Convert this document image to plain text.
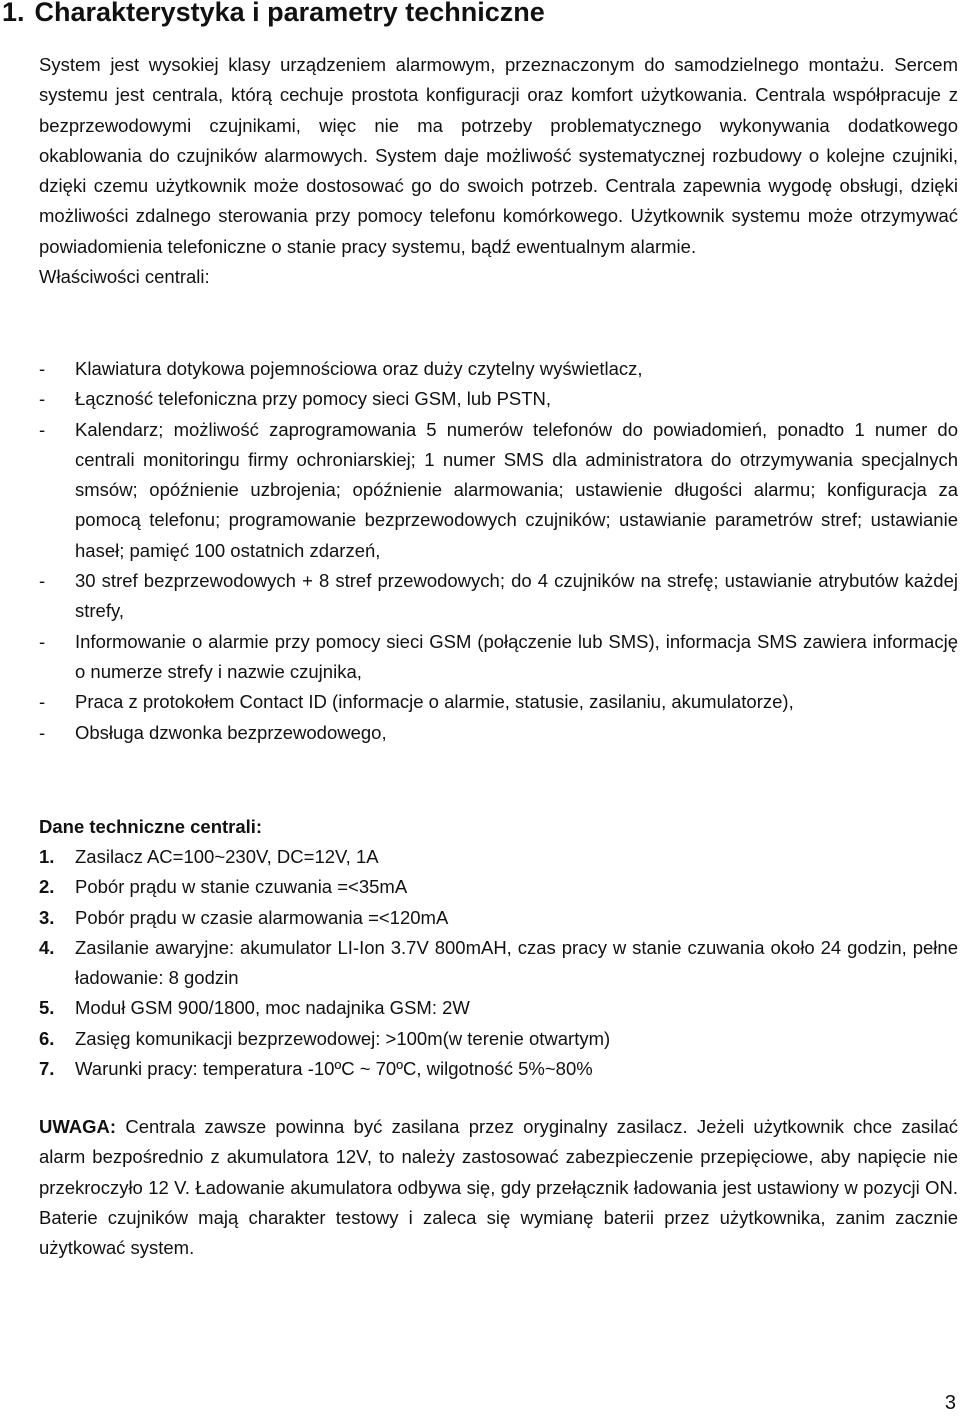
1. Charakterystyka i parametry techniczne

System jest wysokiej klasy urządzeniem alarmowym, przeznaczonym do samodzielnego montażu. Sercem systemu jest centrala, którą cechuje prostota konfiguracji oraz komfort użytkowania. Centrala współpracuje z bezprzewodowymi czujnikami, więc nie ma potrzeby problematycznego wykonywania dodatkowego okablowania do czujników alarmowych. System daje możliwość systematycznej rozbudowy o kolejne czujniki, dzięki czemu użytkownik może dostosować go do swoich potrzeb. Centrala zapewnia wygodę obsługi, dzięki możliwości zdalnego sterowania przy pomocy telefonu komórkowego. Użytkownik systemu może otrzymywać powiadomienia telefoniczne o stanie pracy systemu, bądź ewentualnym alarmie.

Właściwości centrali:

- Klawiatura dotykowa pojemnościowa oraz duży czytelny wyświetlacz,
- Łączność telefoniczna przy pomocy sieci GSM, lub PSTN,
- Kalendarz; możliwość zaprogramowania 5 numerów telefonów do powiadomień, ponadto 1 numer do centrali monitoringu firmy ochroniarskiej; 1 numer SMS dla administratora do otrzymywania specjalnych smsów; opóźnienie uzbrojenia; opóźnienie alarmowania; ustawienie długości alarmu; konfiguracja za pomocą telefonu; programowanie bezprzewodowych czujników; ustawianie parametrów stref; ustawianie haseł; pamięć 100 ostatnich zdarzeń,
- 30 stref bezprzewodowych + 8 stref przewodowych; do 4 czujników na strefę; ustawianie atrybutów każdej strefy,
- Informowanie o alarmie przy pomocy sieci GSM (połączenie lub SMS), informacja SMS zawiera informację o numerze strefy i nazwie czujnika,
- Praca z protokołem Contact ID (informacje o alarmie, statusie, zasilaniu, akumulatorze),
- Obsługa dzwonka bezprzewodowego,
Dane techniczne centrali:
1. Zasilacz AC=100~230V, DC=12V, 1A
2. Pobór prądu w stanie czuwania =<35mA
3. Pobór prądu w czasie alarmowania =<120mA
4. Zasilanie awaryjne: akumulator LI-Ion 3.7V 800mAH, czas pracy w stanie czuwania około 24 godzin, pełne ładowanie: 8 godzin
5. Moduł GSM 900/1800, moc nadajnika GSM: 2W
6. Zasięg komunikacji bezprzewodowej: >100m(w terenie otwartym)
7. Warunki pracy: temperatura -10ºC ~ 70ºC, wilgotność 5%~80%

UWAGA: Centrala zawsze powinna być zasilana przez oryginalny zasilacz. Jeżeli użytkownik chce zasilać alarm bezpośrednio z akumulatora 12V, to należy zastosować zabezpieczenie przepięciowe, aby napięcie nie przekroczyło 12 V. Ładowanie akumulatora odbywa się, gdy przełącznik ładowania jest ustawiony w pozycji ON. Baterie czujników mają charakter testowy i zaleca się wymianę baterii przez użytkownika, zanim zacznie użytkować system.

3
